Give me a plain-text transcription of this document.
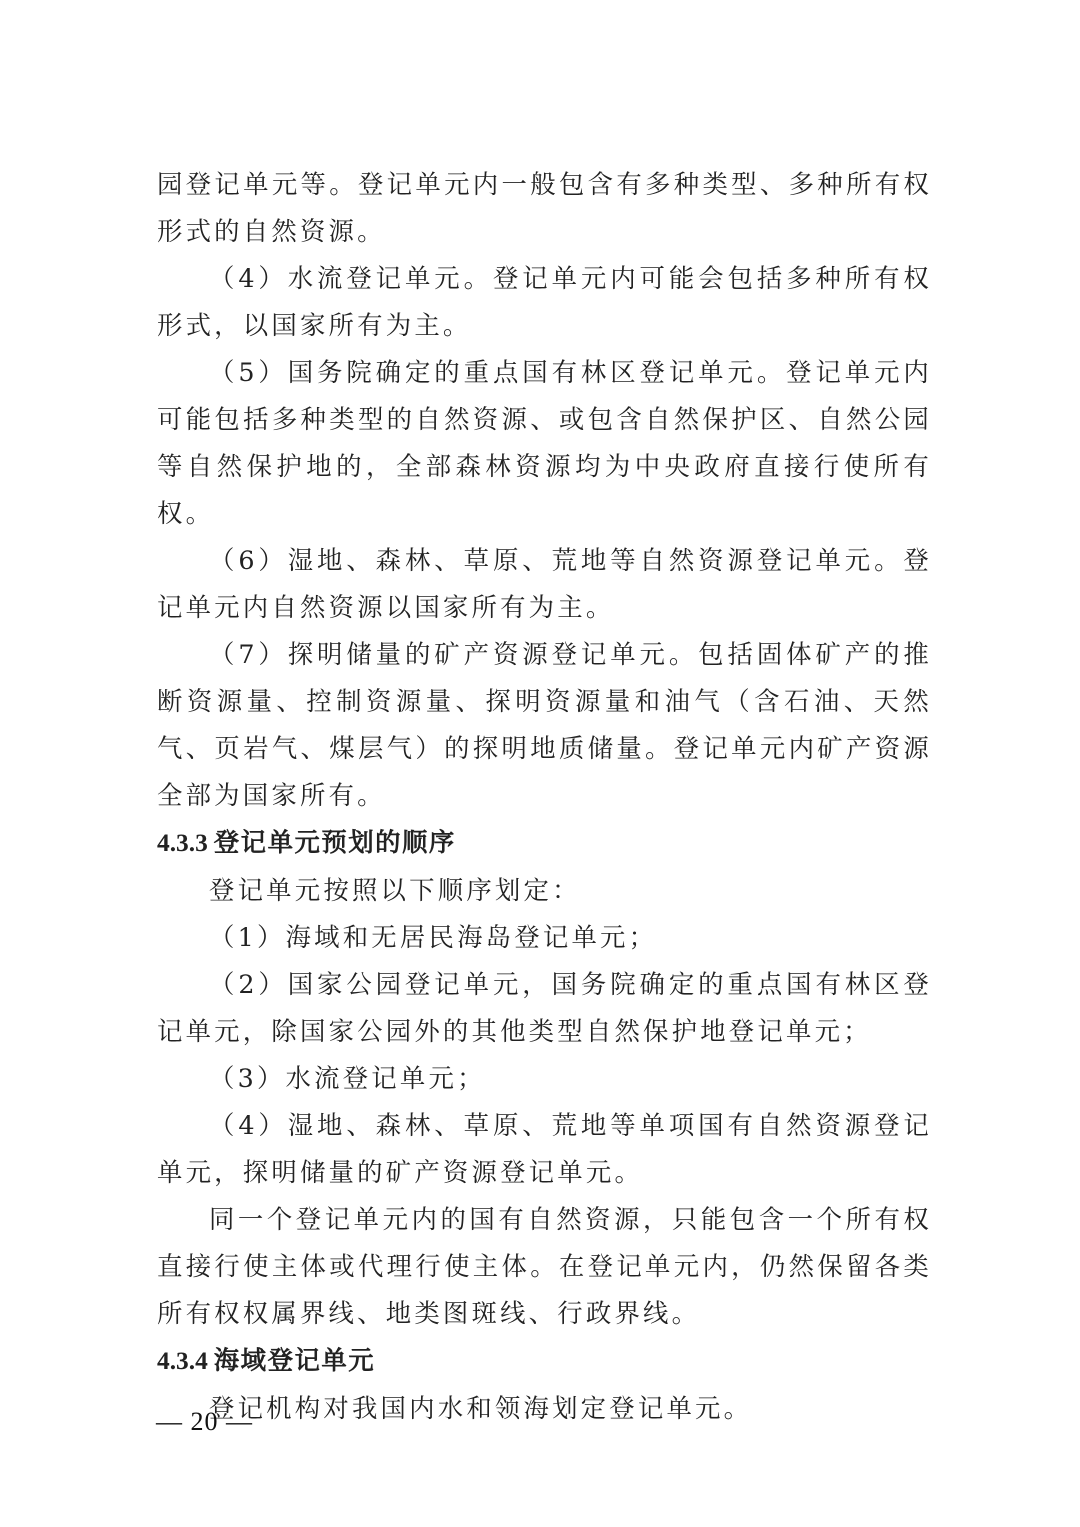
园登记单元等。登记单元内一般包含有多种类型、多种所有权形式的自然资源。

（4）水流登记单元。登记单元内可能会包括多种所有权形式，以国家所有为主。

（5）国务院确定的重点国有林区登记单元。登记单元内可能包括多种类型的自然资源、或包含自然保护区、自然公园等自然保护地的，全部森林资源均为中央政府直接行使所有权。

（6）湿地、森林、草原、荒地等自然资源登记单元。登记单元内自然资源以国家所有为主。

（7）探明储量的矿产资源登记单元。包括固体矿产的推断资源量、控制资源量、探明资源量和油气（含石油、天然气、页岩气、煤层气）的探明地质储量。登记单元内矿产资源全部为国家所有。

4.3.3 登记单元预划的顺序

登记单元按照以下顺序划定：

（1）海域和无居民海岛登记单元；

（2）国家公园登记单元，国务院确定的重点国有林区登记单元，除国家公园外的其他类型自然保护地登记单元；

（3）水流登记单元；

（4）湿地、森林、草原、荒地等单项国有自然资源登记单元，探明储量的矿产资源登记单元。

同一个登记单元内的国有自然资源，只能包含一个所有权直接行使主体或代理行使主体。在登记单元内，仍然保留各类所有权权属界线、地类图斑线、行政界线。

4.3.4 海域登记单元

登记机构对我国内水和领海划定登记单元。

— 20 —
